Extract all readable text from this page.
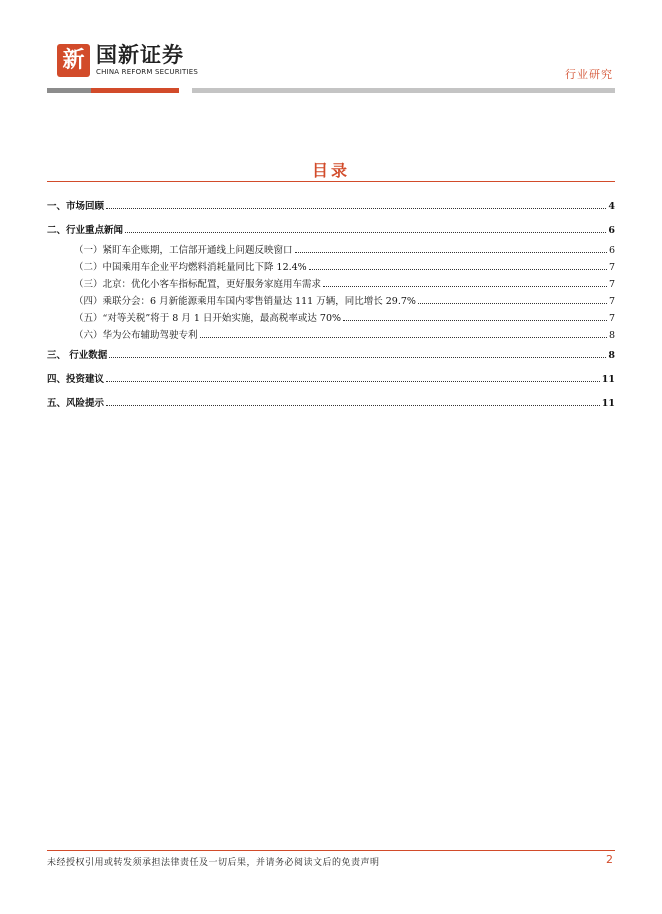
新 国新证券
CHINA REFORM SECURITIES	行业研究
目录
一、市场回顾	4
二、行业重点新闻	6
（一）紧盯车企账期，工信部开通线上问题反映窗口	6
（二）中国乘用车企业平均燃料消耗量同比下降 12.4%	7
（三）北京：优化小客车指标配置，更好服务家庭用车需求	7
（四）乘联分会：6 月新能源乘用车国内零售销量达 111 万辆，同比增长 29.7%	7
（五）“对等关税”将于 8 月 1 日开始实施，最高税率或达 70%	7
（六）华为公布辅助驾驶专利	8
三、 行业数据	8
四、投资建议	11
五、风险提示	11
未经授权引用或转发须承担法律责任及一切后果，并请务必阅读文后的免责声明	2
